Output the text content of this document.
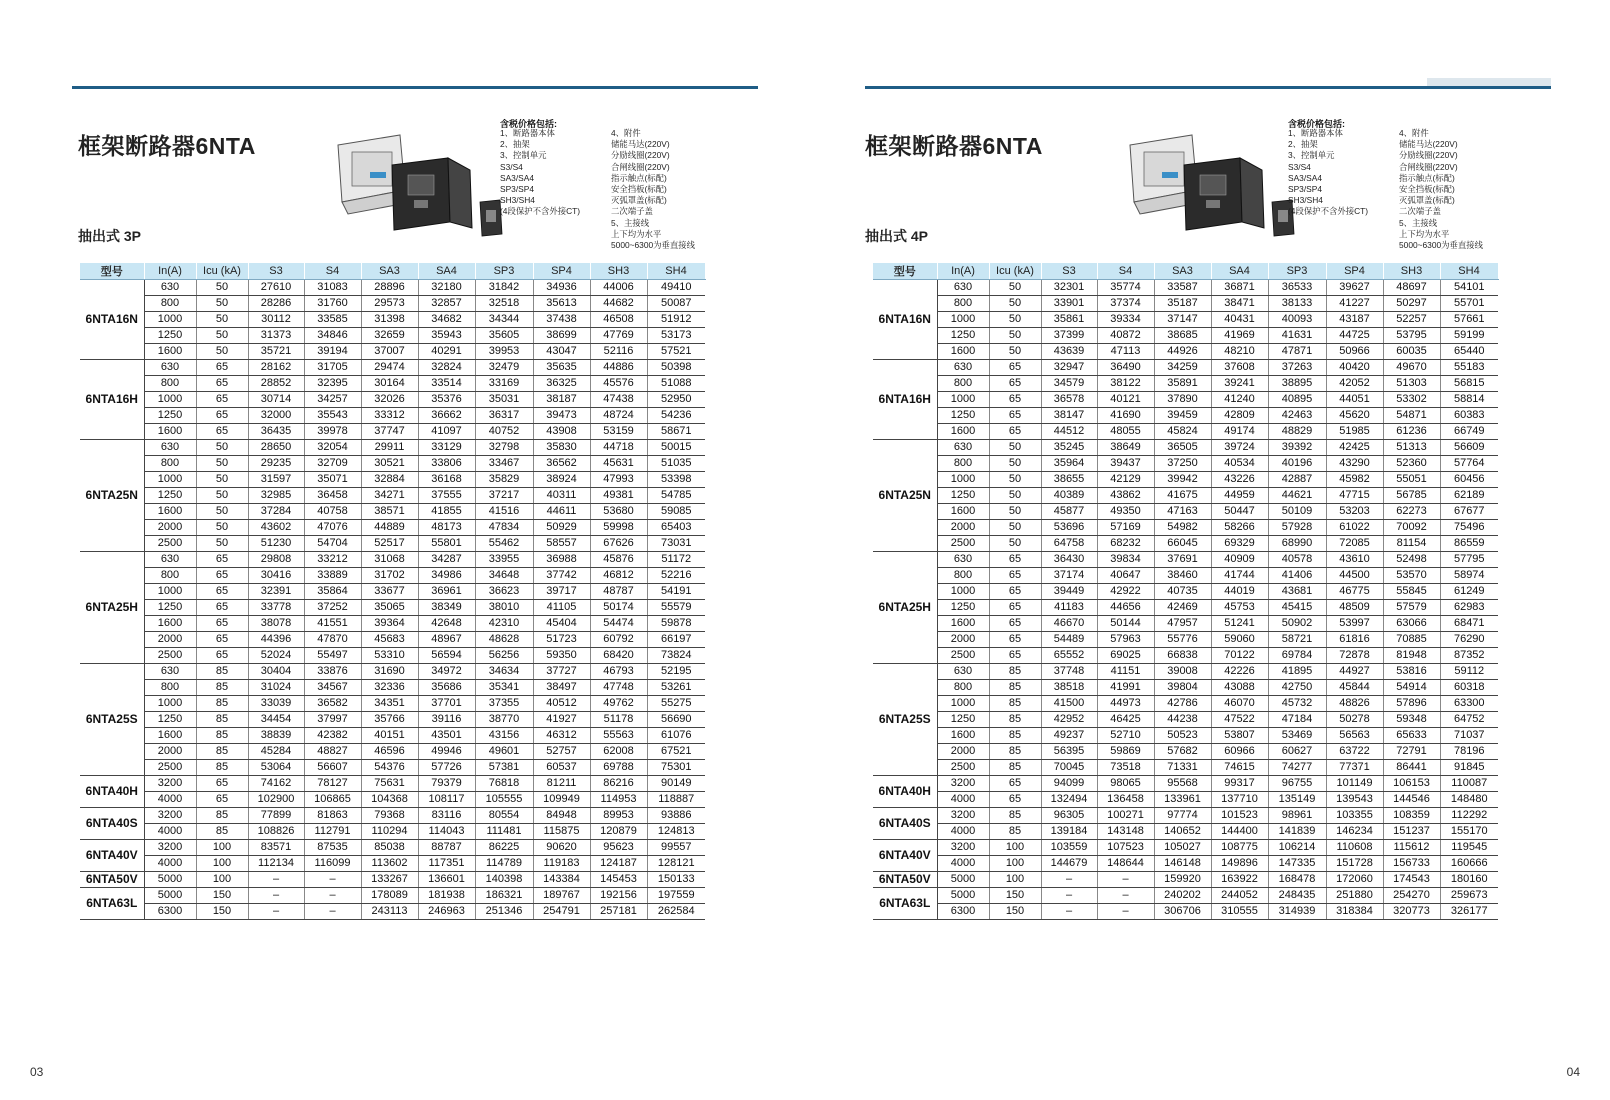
框架断路器6NTA
含税价格包括:
1、断路器本体
2、抽架
3、控制单元
S3/S4
SA3/SA4
SP3/SP4
SH3/SH4
(4段保护不含外接CT)
4、附件
储能马达(220V)
分励线圈(220V)
合闸线圈(220V)
指示触点(标配)
安全挡板(标配)
灭弧罩盖(标配)
二次端子盖
5、主接线
上下均为水平
5000~6300为垂直接线
抽出式 3P
型号	In(A)	Icu (kA)	S3	S4	SA3	SA4	SP3	SP4	SH3	SH4
6NTA16N	630	50	27610	31083	28896	32180	31842	34936	44006	49410
	800	50	28286	31760	29573	32857	32518	35613	44682	50087
	1000	50	30112	33585	31398	34682	34344	37438	46508	51912
	1250	50	31373	34846	32659	35943	35605	38699	47769	53173
	1600	50	35721	39194	37007	40291	39953	43047	52116	57521
6NTA16H	630	65	28162	31705	29474	32824	32479	35635	44886	50398
	800	65	28852	32395	30164	33514	33169	36325	45576	51088
	1000	65	30714	34257	32026	35376	35031	38187	47438	52950
	1250	65	32000	35543	33312	36662	36317	39473	48724	54236
	1600	65	36435	39978	37747	41097	40752	43908	53159	58671
6NTA25N	630	50	28650	32054	29911	33129	32798	35830	44718	50015
	800	50	29235	32709	30521	33806	33467	36562	45631	51035
	1000	50	31597	35071	32884	36168	35829	38924	47993	53398
	1250	50	32985	36458	34271	37555	37217	40311	49381	54785
	1600	50	37284	40758	38571	41855	41516	44611	53680	59085
	2000	50	43602	47076	44889	48173	47834	50929	59998	65403
	2500	50	51230	54704	52517	55801	55462	58557	67626	73031
6NTA25H	630	65	29808	33212	31068	34287	33955	36988	45876	51172
	800	65	30416	33889	31702	34986	34648	37742	46812	52216
	1000	65	32391	35864	33677	36961	36623	39717	48787	54191
	1250	65	33778	37252	35065	38349	38010	41105	50174	55579
	1600	65	38078	41551	39364	42648	42310	45404	54474	59878
	2000	65	44396	47870	45683	48967	48628	51723	60792	66197
	2500	65	52024	55497	53310	56594	56256	59350	68420	73824
6NTA25S	630	85	30404	33876	31690	34972	34634	37727	46793	52195
	800	85	31024	34567	32336	35686	35341	38497	47748	53261
	1000	85	33039	36582	34351	37701	37355	40512	49762	55275
	1250	85	34454	37997	35766	39116	38770	41927	51178	56690
	1600	85	38839	42382	40151	43501	43156	46312	55563	61076
	2000	85	45284	48827	46596	49946	49601	52757	62008	67521
	2500	85	53064	56607	54376	57726	57381	60537	69788	75301
6NTA40H	3200	65	74162	78127	75631	79379	76818	81211	86216	90149
	4000	65	102900	106865	104368	108117	105555	109949	114953	118887
6NTA40S	3200	85	77899	81863	79368	83116	80554	84948	89953	93886
	4000	85	108826	112791	110294	114043	111481	115875	120879	124813
6NTA40V	3200	100	83571	87535	85038	88787	86225	90620	95623	99557
	4000	100	112134	116099	113602	117351	114789	119183	124187	128121
6NTA50V	5000	100	–	–	133267	136601	140398	143384	145453	150133
6NTA63L	5000	150	–	–	178089	181938	186321	189767	192156	197559
	6300	150	–	–	243113	246963	251346	254791	257181	262584
03
框架断路器6NTA
含税价格包括:
1、断路器本体
2、抽架
3、控制单元
S3/S4
SA3/SA4
SP3/SP4
SH3/SH4
(4段保护不含外接CT)
4、附件
储能马达(220V)
分励线圈(220V)
合闸线圈(220V)
指示触点(标配)
安全挡板(标配)
灭弧罩盖(标配)
二次端子盖
5、主接线
上下均为水平
5000~6300为垂直接线
抽出式 4P
型号	In(A)	Icu (kA)	S3	S4	SA3	SA4	SP3	SP4	SH3	SH4
6NTA16N	630	50	32301	35774	33587	36871	36533	39627	48697	54101
	800	50	33901	37374	35187	38471	38133	41227	50297	55701
	1000	50	35861	39334	37147	40431	40093	43187	52257	57661
	1250	50	37399	40872	38685	41969	41631	44725	53795	59199
	1600	50	43639	47113	44926	48210	47871	50966	60035	65440
6NTA16H	630	65	32947	36490	34259	37608	37263	40420	49670	55183
	800	65	34579	38122	35891	39241	38895	42052	51303	56815
	1000	65	36578	40121	37890	41240	40895	44051	53302	58814
	1250	65	38147	41690	39459	42809	42463	45620	54871	60383
	1600	65	44512	48055	45824	49174	48829	51985	61236	66749
6NTA25N	630	50	35245	38649	36505	39724	39392	42425	51313	56609
	800	50	35964	39437	37250	40534	40196	43290	52360	57764
	1000	50	38655	42129	39942	43226	42887	45982	55051	60456
	1250	50	40389	43862	41675	44959	44621	47715	56785	62189
	1600	50	45877	49350	47163	50447	50109	53203	62273	67677
	2000	50	53696	57169	54982	58266	57928	61022	70092	75496
	2500	50	64758	68232	66045	69329	68990	72085	81154	86559
6NTA25H	630	65	36430	39834	37691	40909	40578	43610	52498	57795
	800	65	37174	40647	38460	41744	41406	44500	53570	58974
	1000	65	39449	42922	40735	44019	43681	46775	55845	61249
	1250	65	41183	44656	42469	45753	45415	48509	57579	62983
	1600	65	46670	50144	47957	51241	50902	53997	63066	68471
	2000	65	54489	57963	55776	59060	58721	61816	70885	76290
	2500	65	65552	69025	66838	70122	69784	72878	81948	87352
6NTA25S	630	85	37748	41151	39008	42226	41895	44927	53816	59112
	800	85	38518	41991	39804	43088	42750	45844	54914	60318
	1000	85	41500	44973	42786	46070	45732	48826	57896	63300
	1250	85	42952	46425	44238	47522	47184	50278	59348	64752
	1600	85	49237	52710	50523	53807	53469	56563	65633	71037
	2000	85	56395	59869	57682	60966	60627	63722	72791	78196
	2500	85	70045	73518	71331	74615	74277	77371	86441	91845
6NTA40H	3200	65	94099	98065	95568	99317	96755	101149	106153	110087
	4000	65	132494	136458	133961	137710	135149	139543	144546	148480
6NTA40S	3200	85	96305	100271	97774	101523	98961	103355	108359	112292
	4000	85	139184	143148	140652	144400	141839	146234	151237	155170
6NTA40V	3200	100	103559	107523	105027	108775	106214	110608	115612	119545
	4000	100	144679	148644	146148	149896	147335	151728	156733	160666
6NTA50V	5000	100	–	–	159920	163922	168478	172060	174543	180160
6NTA63L	5000	150	–	–	240202	244052	248435	251880	254270	259673
	6300	150	–	–	306706	310555	314939	318384	320773	326177
04
